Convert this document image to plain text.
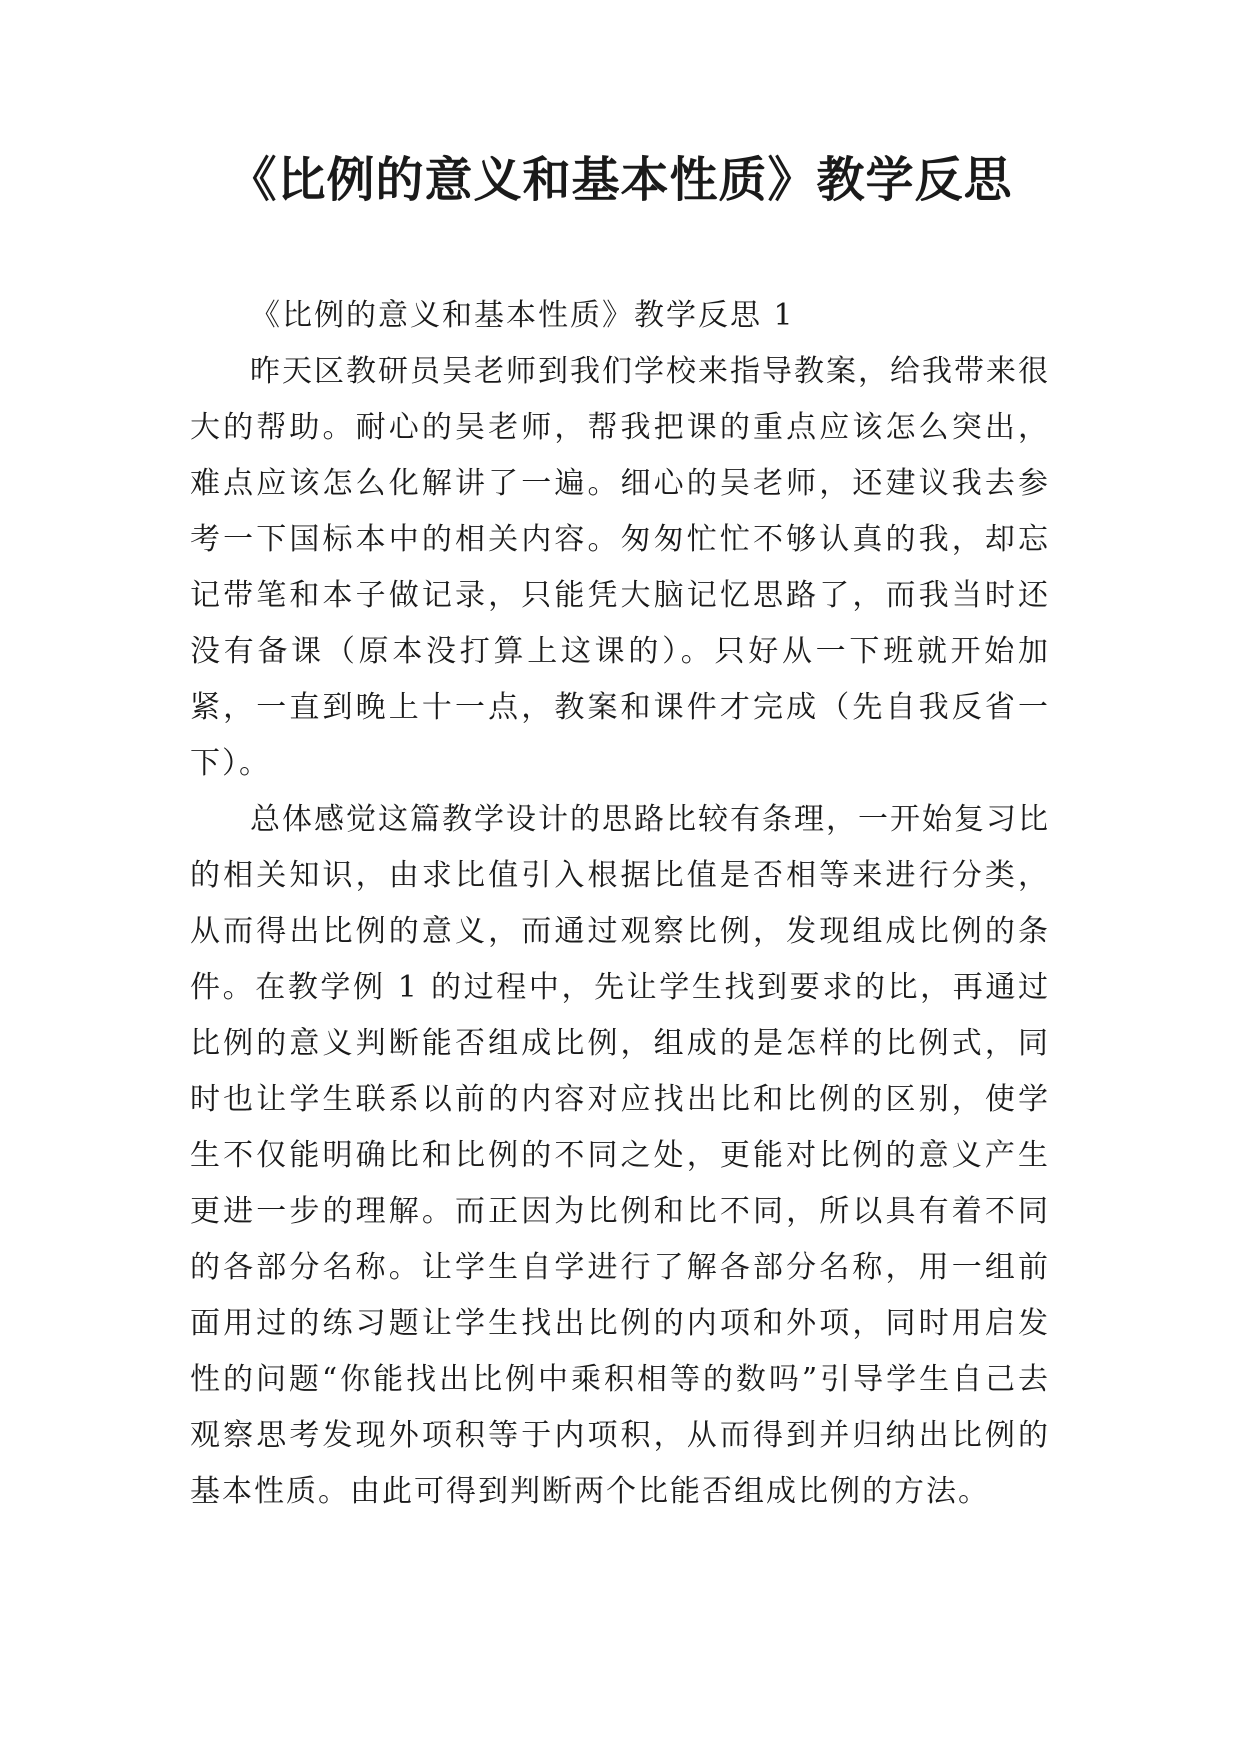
《比例的意义和基本性质》教学反思

《比例的意义和基本性质》教学反思 1

昨天区教研员吴老师到我们学校来指导教案，给我带来很大的帮助。耐心的吴老师，帮我把课的重点应该怎么突出，难点应该怎么化解讲了一遍。细心的吴老师，还建议我去参考一下国标本中的相关内容。匆匆忙忙不够认真的我，却忘记带笔和本子做记录，只能凭大脑记忆思路了，而我当时还没有备课（原本没打算上这课的）。只好从一下班就开始加紧，一直到晚上十一点，教案和课件才完成（先自我反省一下）。

总体感觉这篇教学设计的思路比较有条理，一开始复习比的相关知识，由求比值引入根据比值是否相等来进行分类，从而得出比例的意义，而通过观察比例，发现组成比例的条件。在教学例 1 的过程中，先让学生找到要求的比，再通过比例的意义判断能否组成比例，组成的是怎样的比例式，同时也让学生联系以前的内容对应找出比和比例的区别，使学生不仅能明确比和比例的不同之处，更能对比例的意义产生更进一步的理解。而正因为比例和比不同，所以具有着不同的各部分名称。让学生自学进行了解各部分名称，用一组前面用过的练习题让学生找出比例的内项和外项，同时用启发性的问题“你能找出比例中乘积相等的数吗”引导学生自己去观察思考发现外项积等于内项积，从而得到并归纳出比例的基本性质。由此可得到判断两个比能否组成比例的方法。
